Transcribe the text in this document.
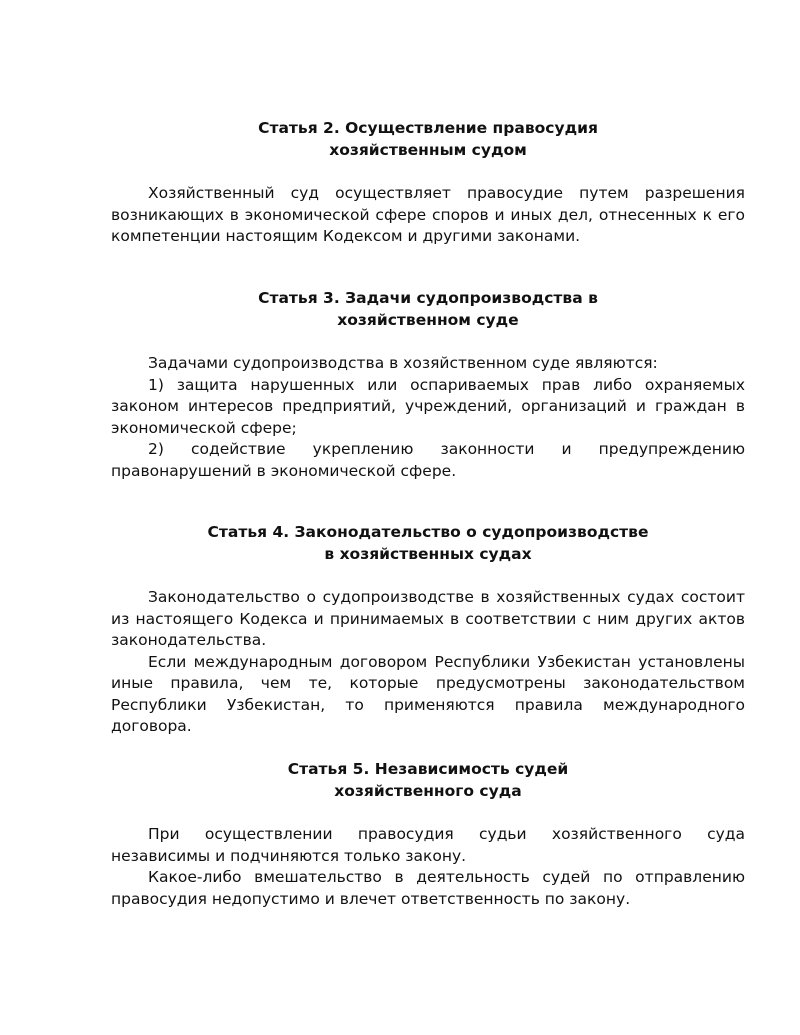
Статья 2. Осуществление правосудия
хозяйственным судом

Хозяйственный суд осуществляет правосудие путем разрешения возникающих в экономической сфере споров и иных дел, отнесенных к его компетенции настоящим Кодексом и другими законами.

Статья 3. Задачи судопроизводства в
хозяйственном суде

Задачами судопроизводства в хозяйственном суде являются:

1) защита нарушенных или оспариваемых прав либо охраняемых законом интересов предприятий, учреждений, организаций и граждан в экономической сфере;

2) содействие укреплению законности и предупреждению правонарушений в экономической сфере.

Статья 4. Законодательство о судопроизводстве
в хозяйственных судах

Законодательство о судопроизводстве в хозяйственных судах состоит из настоящего Кодекса и принимаемых в соответствии с ним других актов законодательства.

Если международным договором Республики Узбекистан установлены иные правила, чем те, которые предусмотрены законодательством Республики Узбекистан, то применяются правила международного договора.

Статья 5. Независимость судей
хозяйственного суда

При осуществлении правосудия судьи хозяйственного суда независимы и подчиняются только закону.

Какое-либо вмешательство в деятельность судей по отправлению правосудия недопустимо и влечет ответственность по закону.
